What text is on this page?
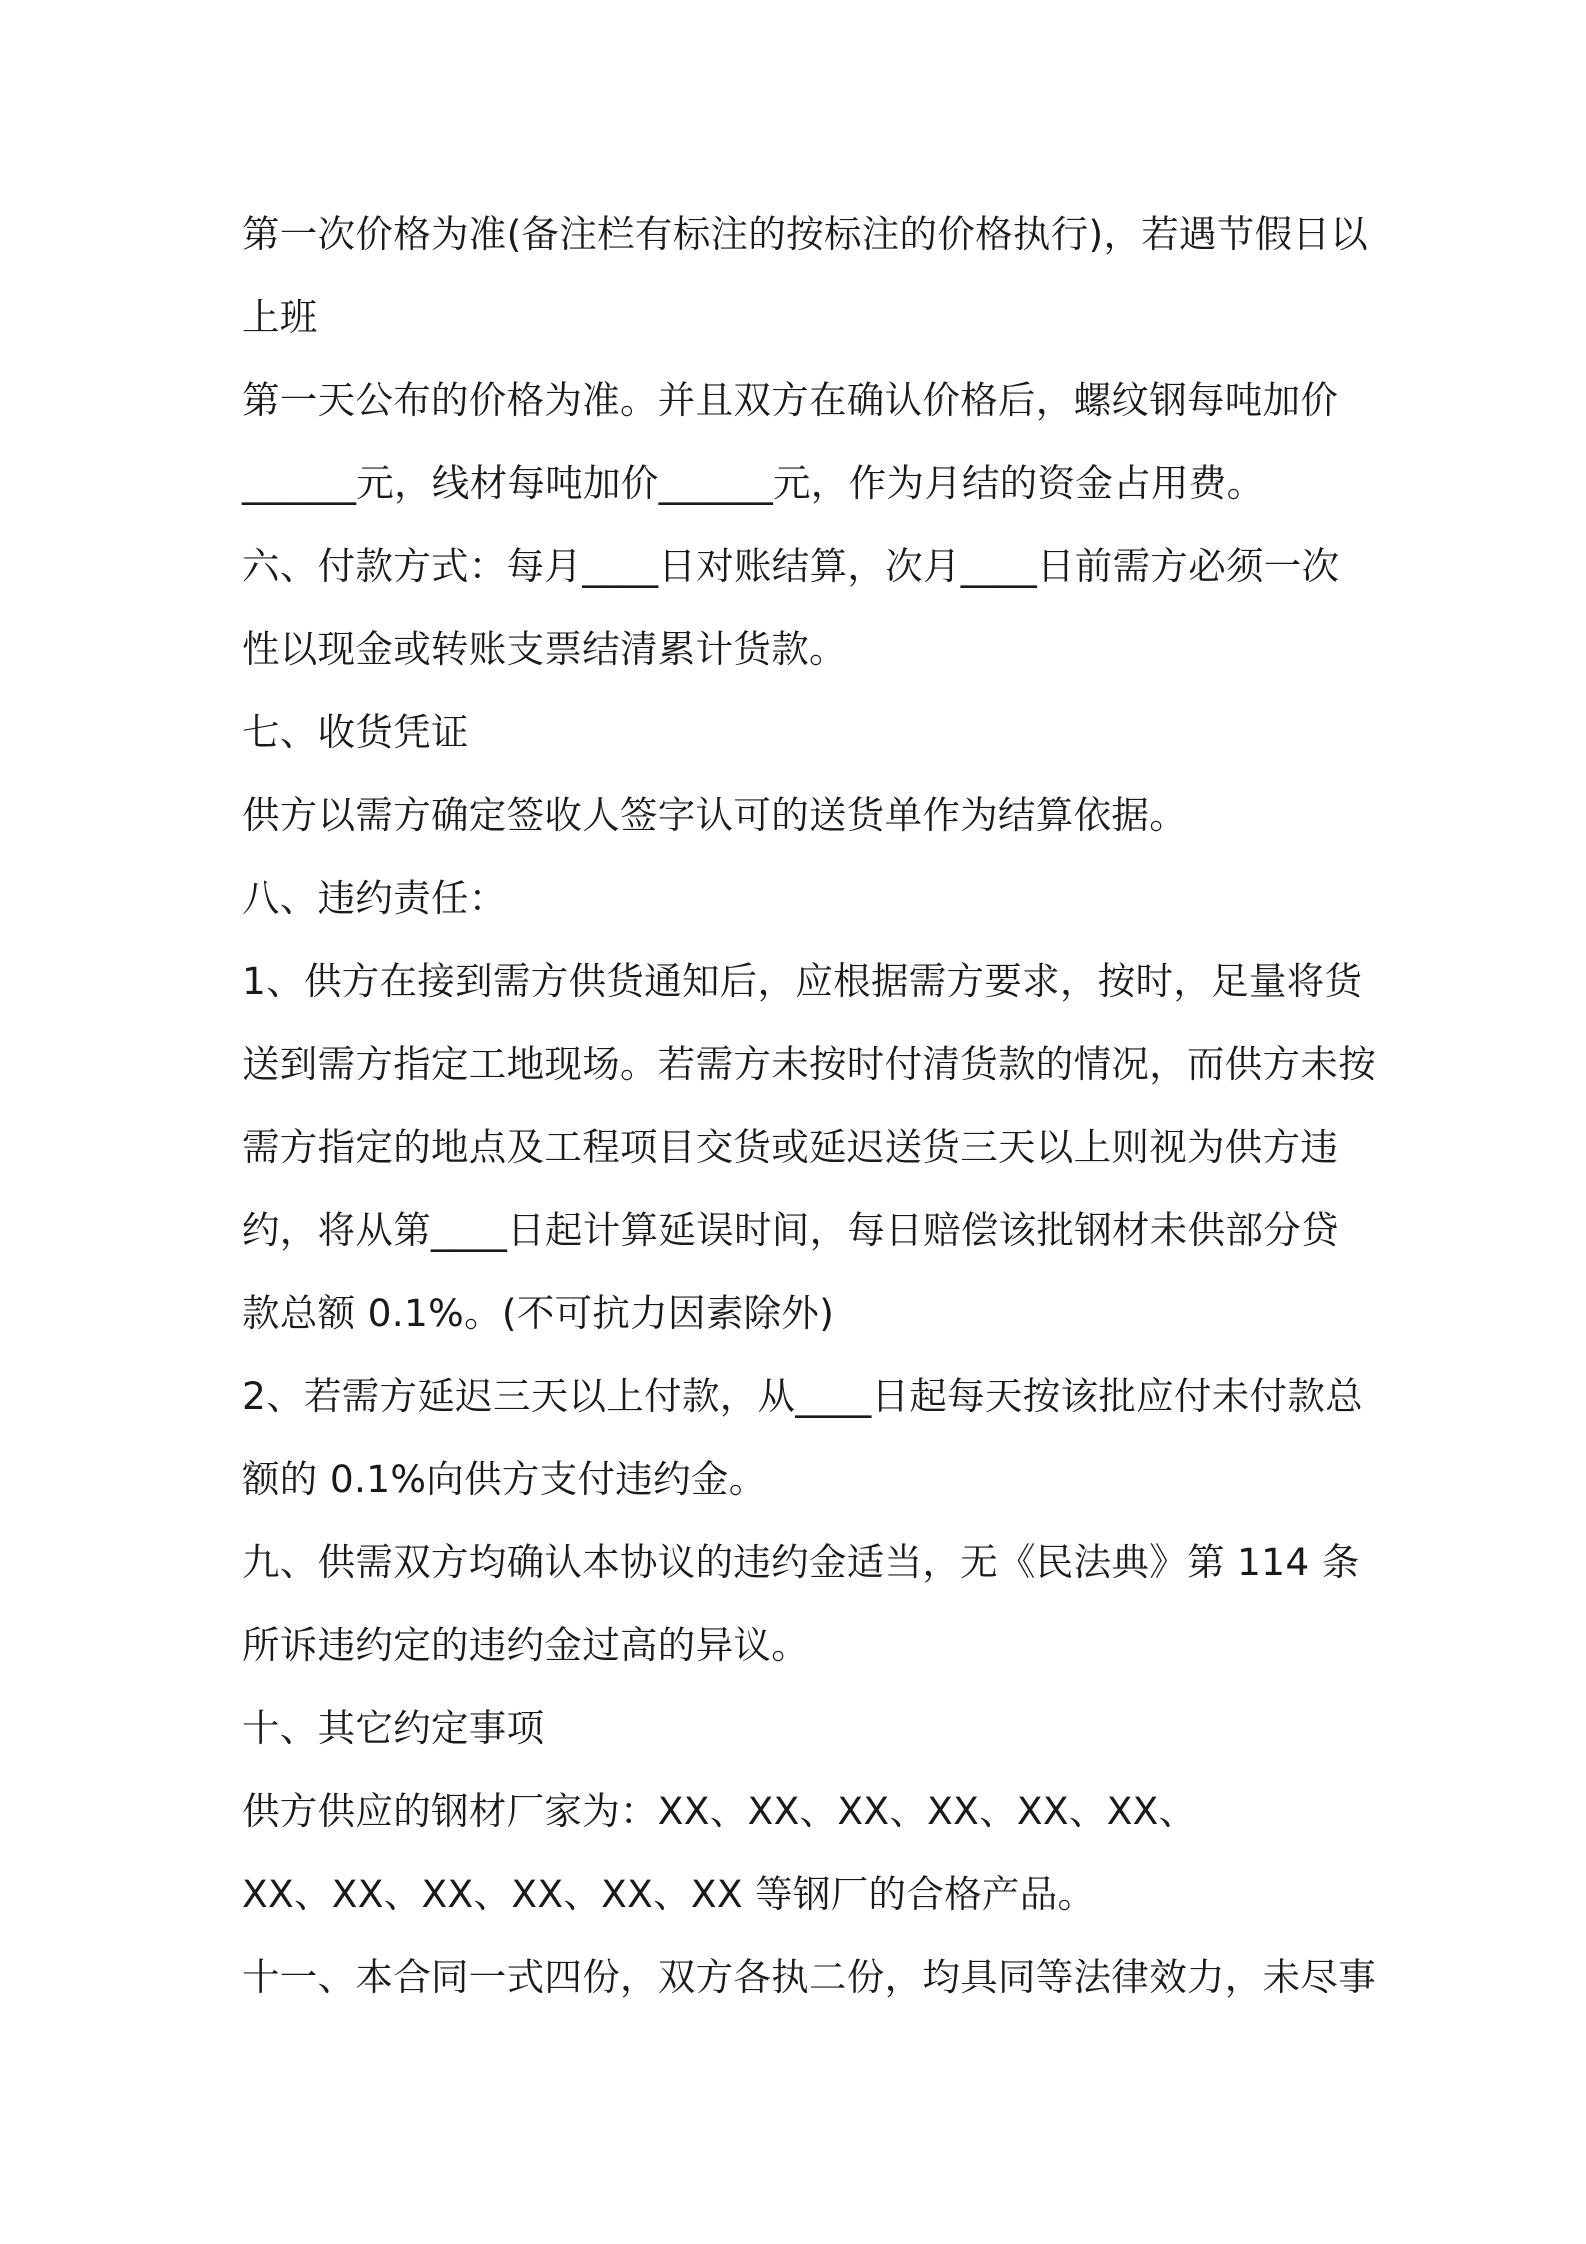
第一次价格为准(备注栏有标注的按标注的价格执行)，若遇节假日以
上班
第一天公布的价格为准。并且双方在确认价格后，螺纹钢每吨加价
______元，线材每吨加价______元，作为月结的资金占用费。
六、付款方式：每月____日对账结算，次月____日前需方必须一次
性以现金或转账支票结清累计货款。
七、收货凭证
供方以需方确定签收人签字认可的送货单作为结算依据。
八、违约责任：
1、供方在接到需方供货通知后，应根据需方要求，按时，足量将货
送到需方指定工地现场。若需方未按时付清货款的情况，而供方未按
需方指定的地点及工程项目交货或延迟送货三天以上则视为供方违
约，将从第____日起计算延误时间，每日赔偿该批钢材未供部分贷
款总额 0.1%。(不可抗力因素除外)
2、若需方延迟三天以上付款，从____日起每天按该批应付未付款总
额的 0.1%向供方支付违约金。
九、供需双方均确认本协议的违约金适当，无《民法典》第 114 条
所诉违约定的违约金过高的异议。
十、其它约定事项
供方供应的钢材厂家为：XX、XX、XX、XX、XX、XX、
XX、XX、XX、XX、XX、XX 等钢厂的合格产品。
十一、本合同一式四份，双方各执二份，均具同等法律效力，未尽事
